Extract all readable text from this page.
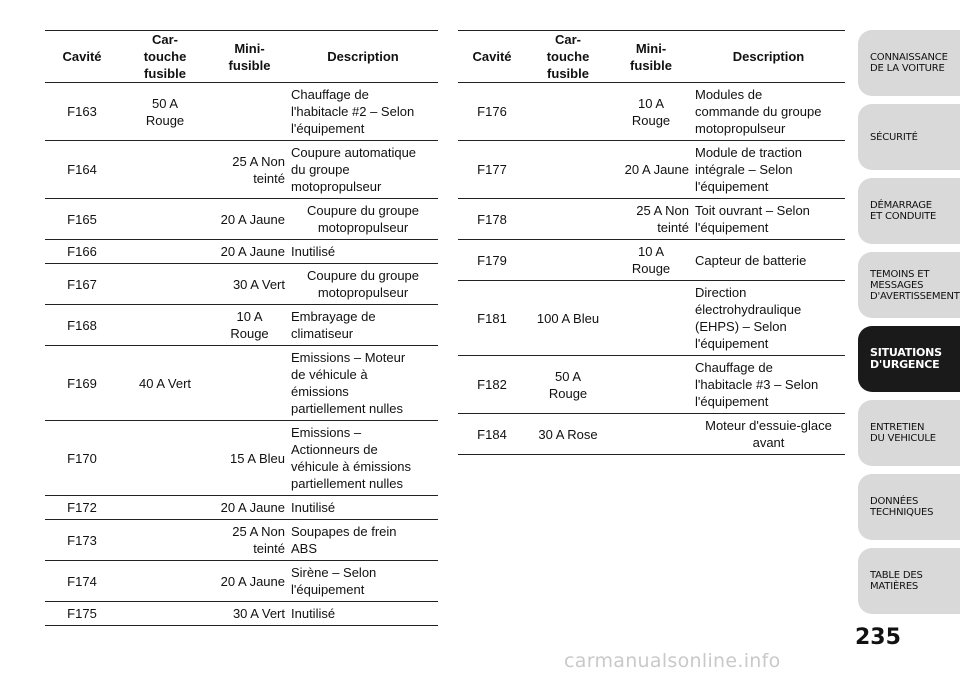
Cavité	Car-
touche
fusible	Mini-
fusible	Description
F163	50 A
Rouge		Chauffage de
l'habitacle #2 – Selon
l'équipement
F164		25 A Non
teinté	Coupure automatique
du groupe
motopropulseur
F165		20 A Jaune	Coupure du groupe
motopropulseur
F166		20 A Jaune	Inutilisé
F167		30 A Vert	Coupure du groupe
motopropulseur
F168		10 A
Rouge	Embrayage de
climatiseur
F169	40 A Vert		Emissions – Moteur
de véhicule à
émissions
partiellement nulles
F170		15 A Bleu	Emissions –
Actionneurs de
véhicule à émissions
partiellement nulles
F172		20 A Jaune	Inutilisé
F173		25 A Non
teinté	Soupapes de frein
ABS
F174		20 A Jaune	Sirène – Selon
l'équipement
F175		30 A Vert	Inutilisé
Cavité	Car-
touche
fusible	Mini-
fusible	Description
F176		10 A
Rouge	Modules de
commande du groupe
motopropulseur
F177		20 A Jaune	Module de traction
intégrale – Selon
l'équipement
F178		25 A Non
teinté	Toit ouvrant – Selon
l'équipement
F179		10 A
Rouge	Capteur de batterie
F181	100 A Bleu		Direction
électrohydraulique
(EHPS) – Selon
l'équipement
F182	50 A
Rouge		Chauffage de
l'habitacle #3 – Selon
l'équipement
F184	30 A Rose		Moteur d'essuie-glace
avant
CONNAISSANCE
DE LA VOITURE
SÉCURITÉ
DÉMARRAGE
ET CONDUITE
TEMOINS ET
MESSAGES
D'AVERTISSEMENT
SITUATIONS
D'URGENCE
ENTRETIEN
DU VEHICULE
DONNÉES
TECHNIQUES
TABLE DES
MATIÈRES
235
carmanualsonline.info
